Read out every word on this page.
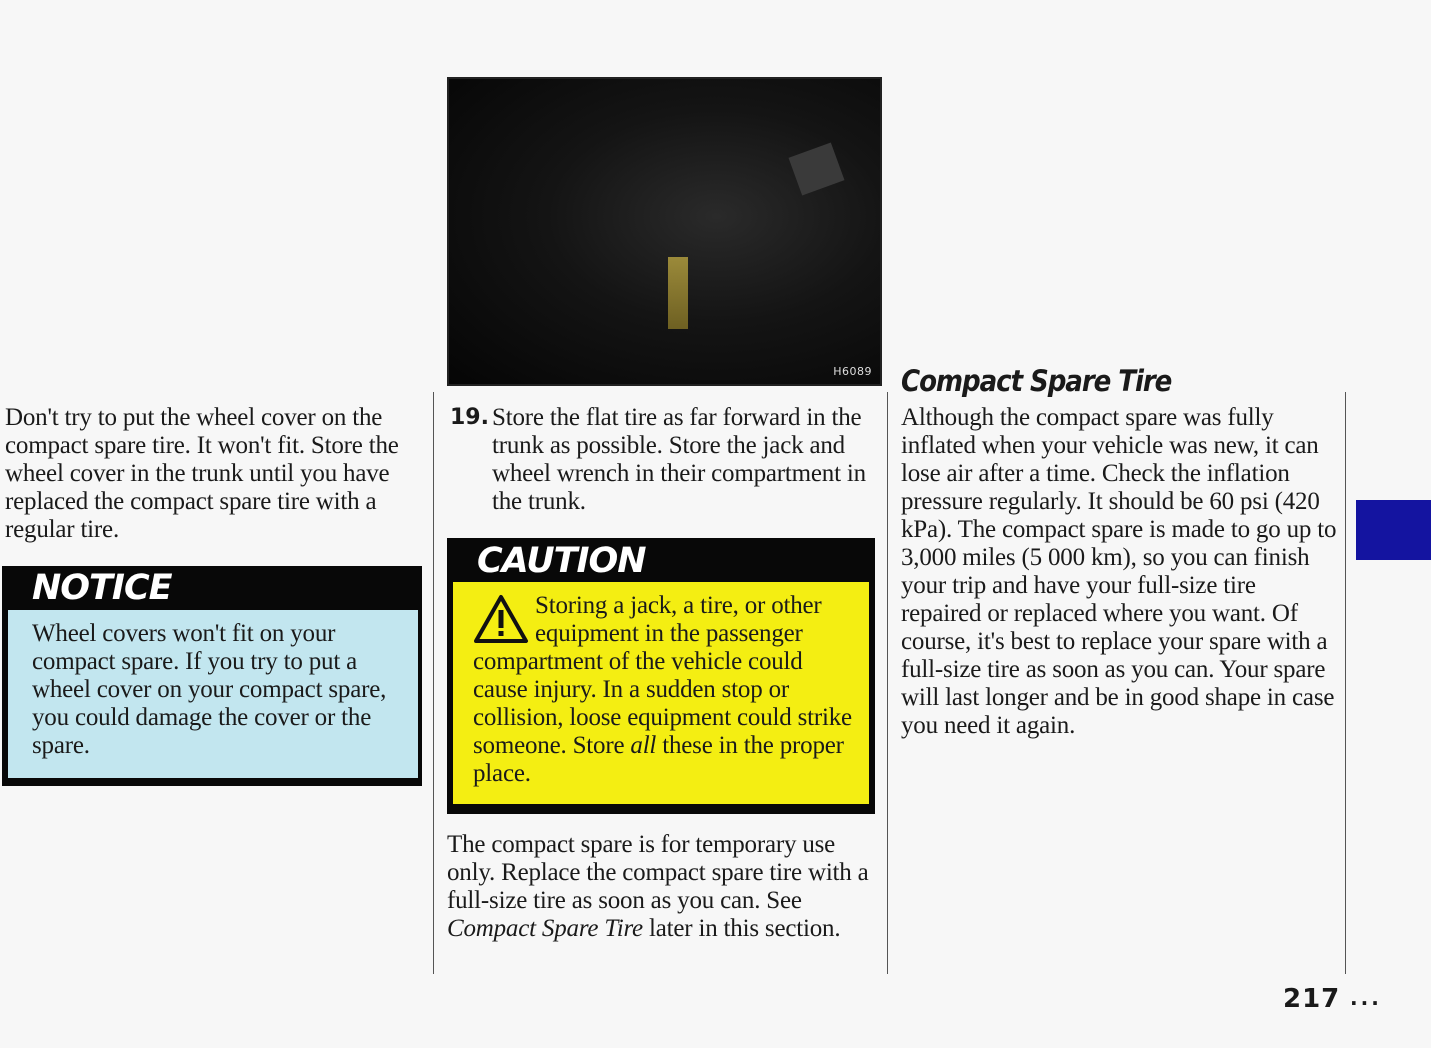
Don't try to put the wheel cover on the compact spare tire. It won't fit. Store the wheel cover in the trunk until you have replaced the compact spare tire with a regular tire.

NOTICE

Wheel covers won't fit on your compact spare. If you try to put a wheel cover on your compact spare, you could damage the cover or the spare.

H6089
19. Store the flat tire as far forward in the trunk as possible. Store the jack and wheel wrench in their compartment in the trunk.

CAUTION

Storing a jack, a tire, or other equipment in the passenger compartment of the vehicle could cause injury. In a sudden stop or collision, loose equipment could strike someone. Store all these in the proper place.

The compact spare is for temporary use only. Replace the compact spare tire with a full-size tire as soon as you can. See Compact Spare Tire later in this section.

Compact Spare Tire

Although the compact spare was fully inflated when your vehicle was new, it can lose air after a time. Check the inflation pressure regularly. It should be 60 psi (420 kPa). The compact spare is made to go up to 3,000 miles (5 000 km), so you can finish your trip and have your full-size tire repaired or replaced where you want. Of course, it's best to replace your spare with a full-size tire as soon as you can. Your spare will last longer and be in good shape in case you need it again.

217 ...
